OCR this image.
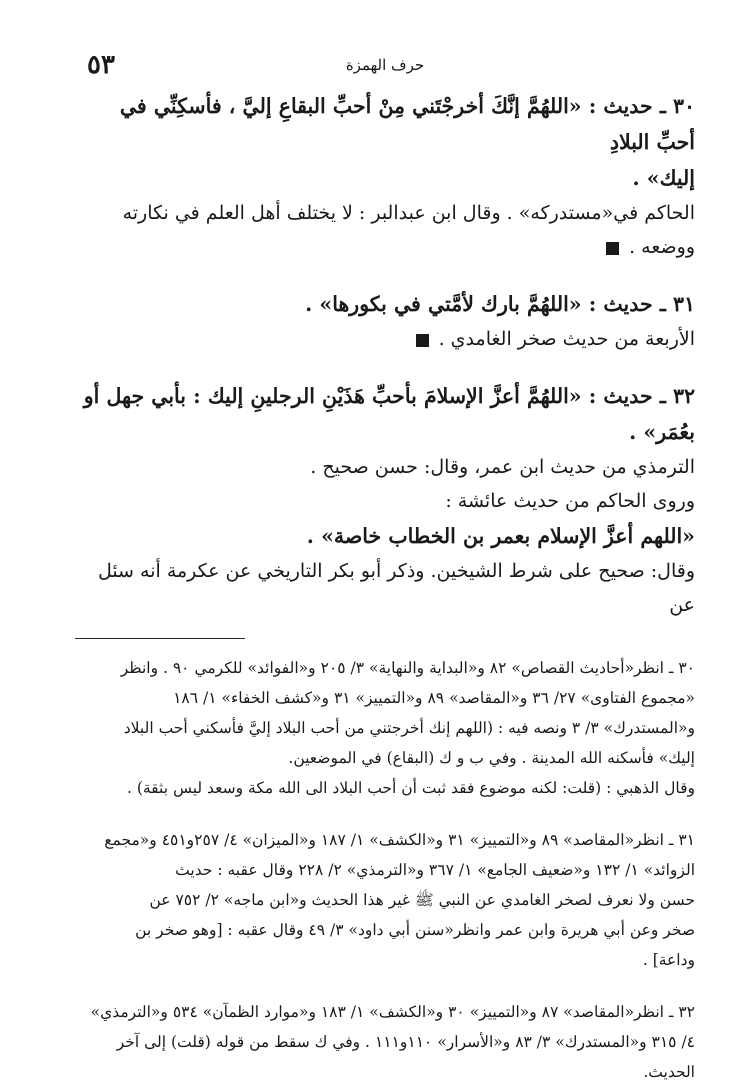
حرف الهمزة
٥٣

٣٠ ـ حديث : «اللهُمَّ إنَّكَ أخرجْتَني مِنْ أحبِّ البقاعِ إليَّ ، فأسكِنِّي في أحبِّ البلادِ

إليك» .

الحاكم في«مستدركه» . وقال ابن عبدالبر : لا يختلف أهل العلم في نكارته ووضعه .

٣١ ـ حديث : «اللهُمَّ بارك لأمَّتي في بكورها» .

الأربعة من حديث صخر الغامدي .

٣٢ ـ حديث : «اللهُمَّ أعزَّ الإسلامَ بأحبِّ هَذَيْنِ الرجلينِ إليك : بأبي جهل أو بعُمَر» .

الترمذي من حديث ابن عمر، وقال: حسن صحيح .

وروى الحاكم من حديث عائشة :

«اللهم أعزَّ الإسلام بعمر بن الخطاب خاصة» .

وقال: صحيح على شرط الشيخين. وذكر أبو بكر التاريخي عن عكرمة أنه سئل عن

٣٠ ـ انظر«أحاديث القصاص» ٨٢ و«البداية والنهاية» ٣/ ٢٠٥ و«الفوائد» للكرمي ٩٠ . وانظر

«مجموع الفتاوى» ٢٧/ ٣٦ و«المقاصد» ٨٩ و«التمييز» ٣١ و«كشف الخفاء» ١/ ١٨٦

و«المستدرك» ٣/ ٣ ونصه فيه : (اللهم إنك أخرجتني من أحب البلاد إليَّ فأسكني أحب البلاد

إليك» فأسكنه الله المدينة . وفي ب و ك (البقاع) في الموضعين.

وقال الذهبي : (قلت: لكنه موضوع فقد ثبت أن أحب البلاد الى الله مكة وسعد ليس بثقة) .

٣١ ـ انظر«المقاصد» ٨٩ و«التمييز» ٣١ و«الكشف» ١/ ١٨٧ و«الميزان» ٤/ ٢٥٧و٤٥١ و«مجمع

الزوائد» ١/ ١٣٢ و«ضعيف الجامع» ١/ ٣٦٧ و«الترمذي» ٢/ ٢٢٨ وقال عقبه : حديث

حسن ولا نعرف لصخر الغامدي عن النبي ﷺ غير هذا الحديث و«ابن ماجه» ٢/ ٧٥٢ عن

صخر وعن أبي هريرة وابن عمر وانظر«سنن أبي داود» ٣/ ٤٩ وقال عقبه : [وهو صخر بن

وداعة] .

٣٢ ـ انظر«المقاصد» ٨٧ و«التمييز» ٣٠ و«الكشف» ١/ ١٨٣ و«موارد الظمآن» ٥٣٤ و«الترمذي»

٤/ ٣١٥ و«المستدرك» ٣/ ٨٣ و«الأسرار» ١١٠و١١١ . وفي ك سقط من قوله (قلت) إلى آخر

الحديث.
